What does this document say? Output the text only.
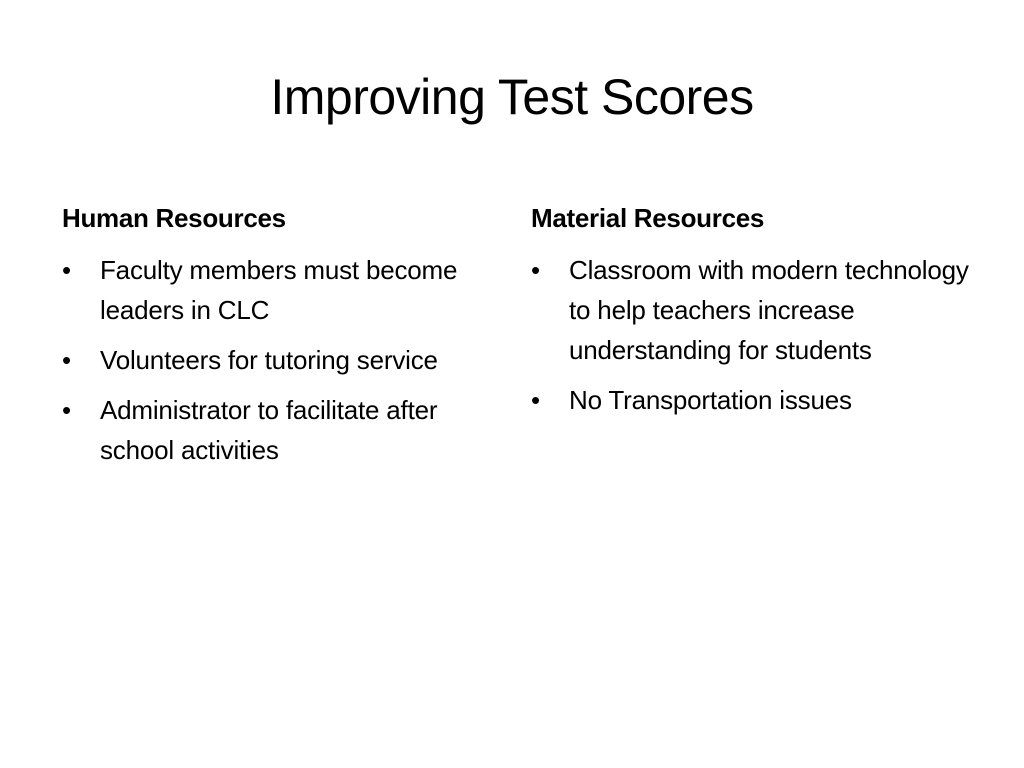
Improving Test Scores
Human Resources
•	Faculty members must become leaders in CLC
•	Volunteers for tutoring service
•	Administrator to facilitate after school activities
Material Resources
•	Classroom with modern technology to help teachers increase understanding for students
•	No Transportation issues
